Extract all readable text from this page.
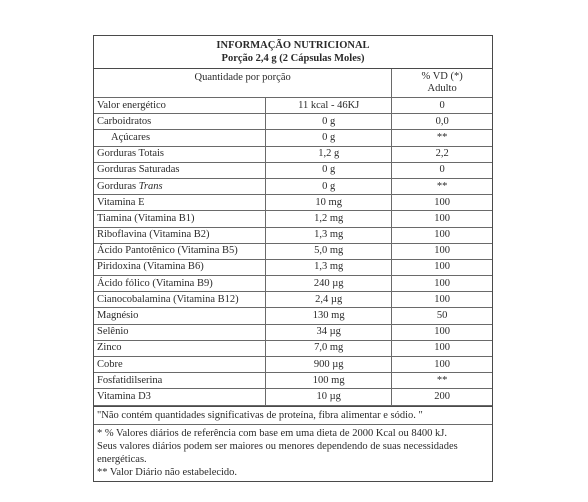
INFORMAÇÃO NUTRICIONAL
Porção 2,4 g (2 Cápsulas Moles)
Quantidade por porção		% VD (*)
Adulto

Valor energético	11 kcal - 46KJ	0
Carboidratos	0 g	0,0
Açúcares	0 g	**
Gorduras Totais	1,2 g	2,2
Gorduras Saturadas	0 g	0
Gorduras Trans	0 g	**
Vitamina E	10 mg	100
Tiamina (Vitamina B1)	1,2 mg	100
Riboflavina (Vitamina B2)	1,3 mg	100
Ácido Pantotênico (Vitamina B5)	5,0 mg	100
Piridoxina (Vitamina B6)	1,3 mg	100
Ácido fólico (Vitamina B9)	240 µg	100
Cianocobalamina (Vitamina B12)	2,4 µg	100
Magnésio	130 mg	50
Selênio	34 µg	100
Zinco	7,0 mg	100
Cobre	900 µg	100
Fosfatidilserina	100 mg	**
Vitamina D3	10 µg	200
"Não contém quantidades significativas de proteína, fibra alimentar e sódio. "
* % Valores diários de referência com base em uma dieta de 2000 Kcal ou 8400 kJ.
Seus valores diários podem ser maiores ou menores dependendo de suas necessidades energéticas.
** Valor Diário não estabelecido.
